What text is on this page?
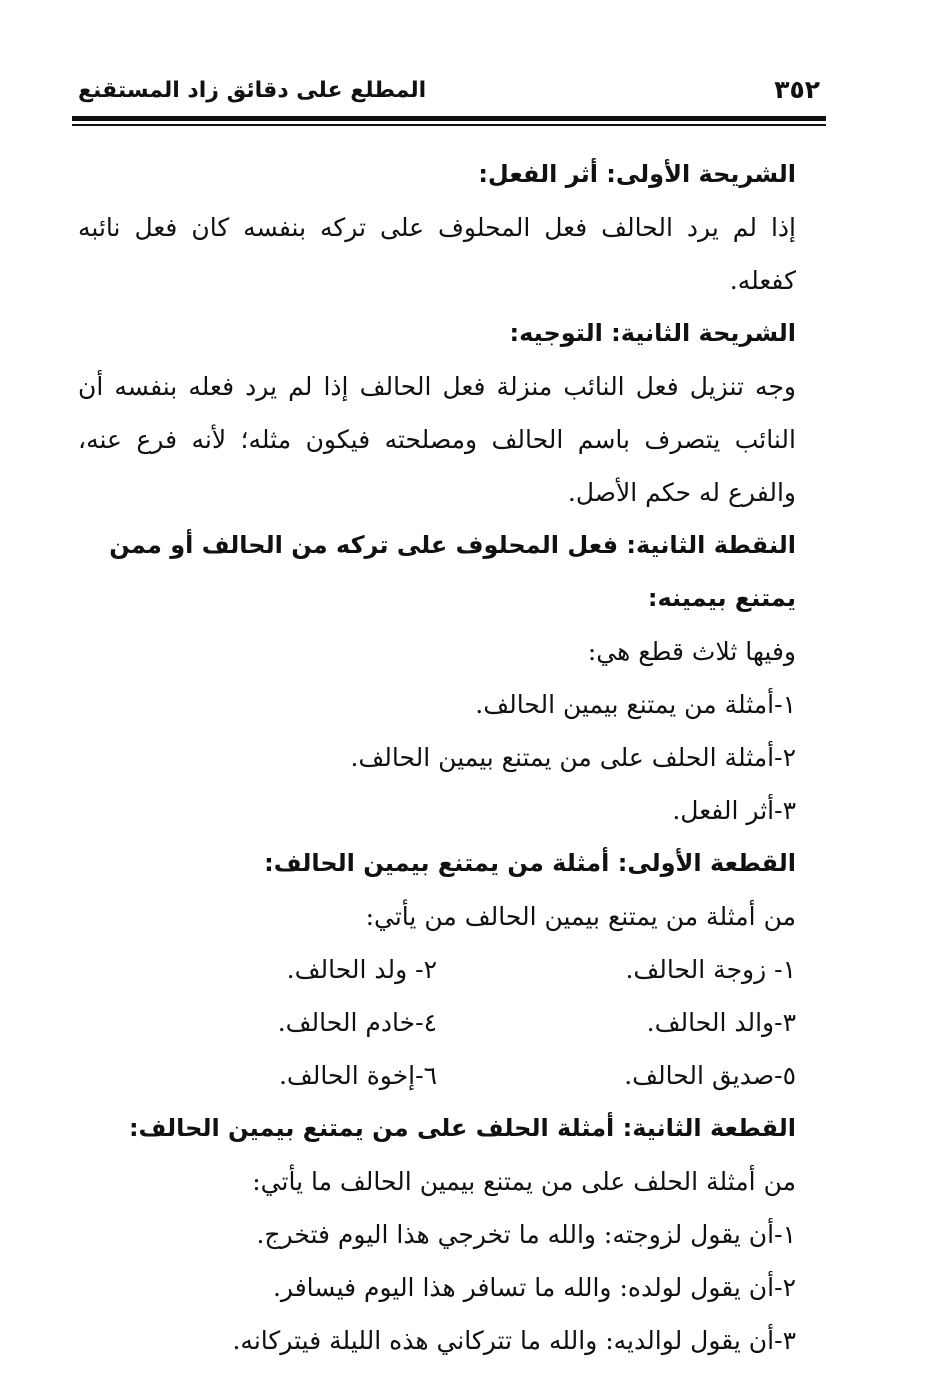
٣٥٢
المطلع على دقائق زاد المستقنع

الشريحة الأولى: أثر الفعل:

إذا لم يرد الحالف فعل المحلوف على تركه بنفسه كان فعل نائبه كفعله.

الشريحة الثانية: التوجيه:

وجه تنزيل فعل النائب منزلة فعل الحالف إذا لم يرد فعله بنفسه أن النائب يتصرف باسم الحالف ومصلحته فيكون مثله؛ لأنه فرع عنه، والفرع له حكم الأصل.

النقطة الثانية: فعل المحلوف على تركه من الحالف أو ممن يمتنع بيمينه:

وفيها ثلاث قطع هي:

١-أمثلة من يمتنع بيمين الحالف.

٢-أمثلة الحلف على من يمتنع بيمين الحالف.

٣-أثر الفعل.

القطعة الأولى: أمثلة من يمتنع بيمين الحالف:

من أمثلة من يمتنع بيمين الحالف من يأتي:

١- زوجة الحالف.
٢- ولد الحالف.
٣-والد الحالف.
٤-خادم الحالف.
٥-صديق الحالف.
٦-إخوة الحالف.

القطعة الثانية: أمثلة الحلف على من يمتنع بيمين الحالف:

من أمثلة الحلف على من يمتنع بيمين الحالف ما يأتي:

١-أن يقول لزوجته: والله ما تخرجي هذا اليوم فتخرج.

٢-أن يقول لولده: والله ما تسافر هذا اليوم فيسافر.

٣-أن يقول لوالديه: والله ما تتركاني هذه الليلة فيتركانه.
